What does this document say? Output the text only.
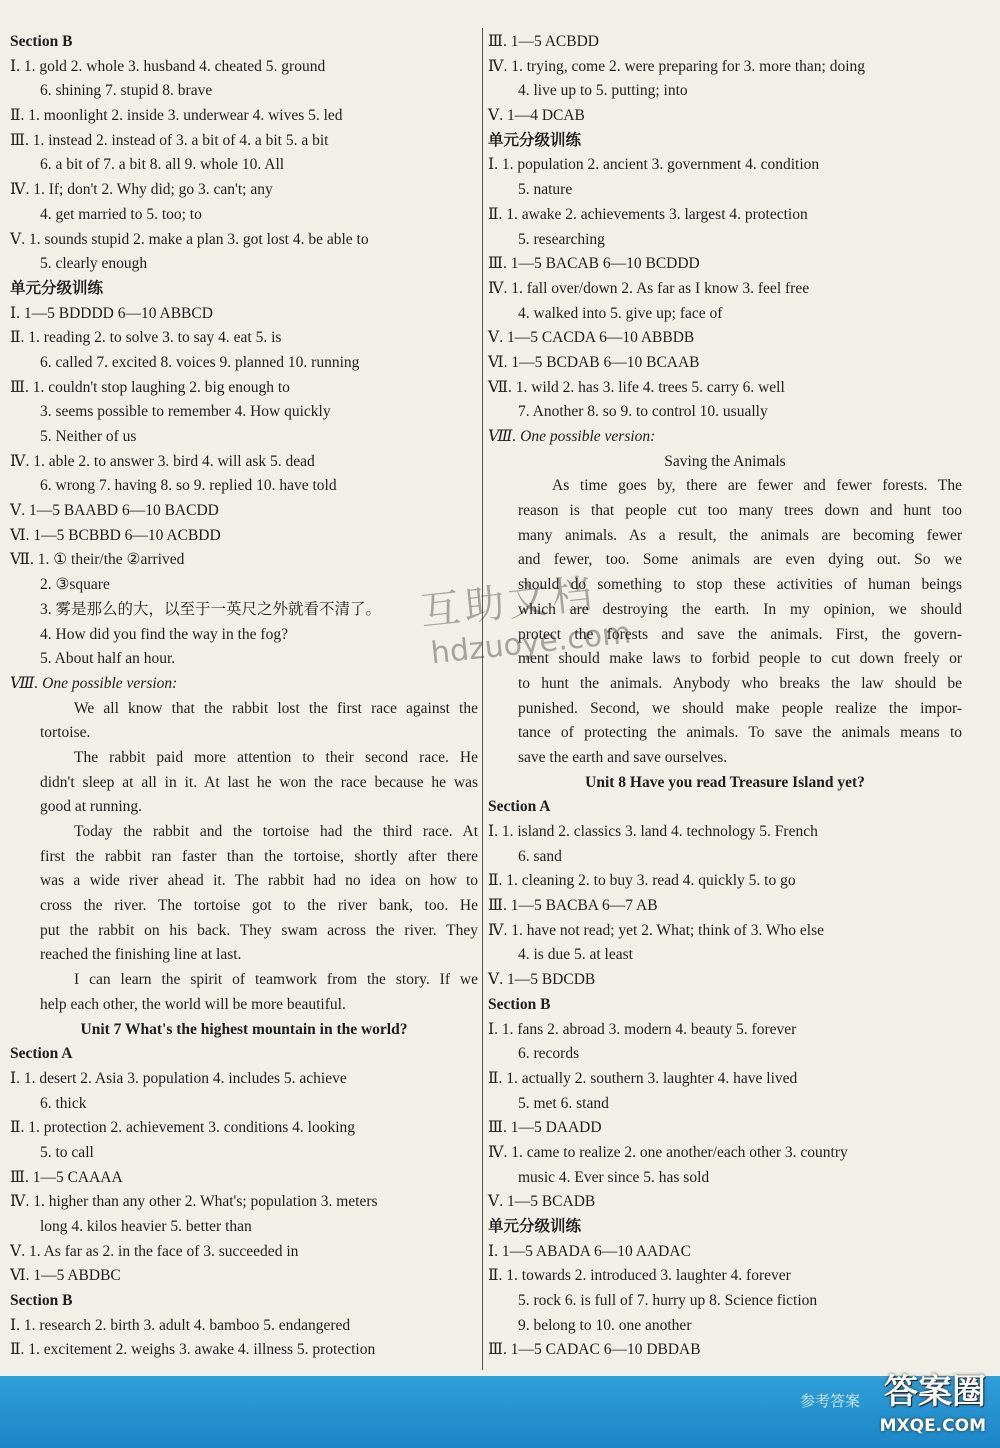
Section B
Ⅰ. 1. gold 2. whole 3. husband 4. cheated 5. ground
6. shining 7. stupid 8. brave
Ⅱ. 1. moonlight 2. inside 3. underwear 4. wives 5. led
Ⅲ. 1. instead 2. instead of 3. a bit of 4. a bit 5. a bit
6. a bit of 7. a bit 8. all 9. whole 10. All
Ⅳ. 1. If; don't 2. Why did; go 3. can't; any
4. get married to 5. too; to
Ⅴ. 1. sounds stupid 2. make a plan 3. got lost 4. be able to
5. clearly enough
单元分级训练
Ⅰ. 1—5 BDDDD 6—10 ABBCD
Ⅱ. 1. reading 2. to solve 3. to say 4. eat 5. is
6. called 7. excited 8. voices 9. planned 10. running
Ⅲ. 1. couldn't stop laughing 2. big enough to
3. seems possible to remember 4. How quickly
5. Neither of us
Ⅳ. 1. able 2. to answer 3. bird 4. will ask 5. dead
6. wrong 7. having 8. so 9. replied 10. have told
Ⅴ. 1—5 BAABD 6—10 BACDD
Ⅵ. 1—5 BCBBD 6—10 ACBDD
Ⅶ. 1. ① their/the ②arrived
2. ③square
3. 雾是那么的大，以至于一英尺之外就看不清了。
4. How did you find the way in the fog?
5. About half an hour.
Ⅷ. One possible version:
We all know that the rabbit lost the first race against the
tortoise.
The rabbit paid more attention to their second race. He
didn't sleep at all in it. At last he won the race because he was
good at running.
Today the rabbit and the tortoise had the third race. At
first the rabbit ran faster than the tortoise, shortly after there
was a wide river ahead it. The rabbit had no idea on how to
cross the river. The tortoise got to the river bank, too. He
put the rabbit on his back. They swam across the river. They
reached the finishing line at last.
I can learn the spirit of teamwork from the story. If we
help each other, the world will be more beautiful.
Unit 7 What's the highest mountain in the world?
Section A
Ⅰ. 1. desert 2. Asia 3. population 4. includes 5. achieve
6. thick
Ⅱ. 1. protection 2. achievement 3. conditions 4. looking
5. to call
Ⅲ. 1—5 CAAAA
Ⅳ. 1. higher than any other 2. What's; population 3. meters
long 4. kilos heavier 5. better than
Ⅴ. 1. As far as 2. in the face of 3. succeeded in
Ⅵ. 1—5 ABDBC
Section B
Ⅰ. 1. research 2. birth 3. adult 4. bamboo 5. endangered
Ⅱ. 1. excitement 2. weighs 3. awake 4. illness 5. protection
Ⅲ. 1—5 ACBDD
Ⅳ. 1. trying, come 2. were preparing for 3. more than; doing
4. live up to 5. putting; into
Ⅴ. 1—4 DCAB
单元分级训练
Ⅰ. 1. population 2. ancient 3. government 4. condition
5. nature
Ⅱ. 1. awake 2. achievements 3. largest 4. protection
5. researching
Ⅲ. 1—5 BACAB 6—10 BCDDD
Ⅳ. 1. fall over/down 2. As far as I know 3. feel free
4. walked into 5. give up; face of
Ⅴ. 1—5 CACDA 6—10 ABBDB
Ⅵ. 1—5 BCDAB 6—10 BCAAB
Ⅶ. 1. wild 2. has 3. life 4. trees 5. carry 6. well
7. Another 8. so 9. to control 10. usually
Ⅷ. One possible version:
Saving the Animals
As time goes by, there are fewer and fewer forests. The
reason is that people cut too many trees down and hunt too
many animals. As a result, the animals are becoming fewer
and fewer, too. Some animals are even dying out. So we
should do something to stop these activities of human beings
which are destroying the earth. In my opinion, we should
protect the forests and save the animals. First, the govern-
ment should make laws to forbid people to cut down freely or
to hunt the animals. Anybody who breaks the law should be
punished. Second, we should make people realize the impor-
tance of protecting the animals. To save the animals means to
save the earth and save ourselves.
Unit 8 Have you read Treasure Island yet?
Section A
Ⅰ. 1. island 2. classics 3. land 4. technology 5. French
6. sand
Ⅱ. 1. cleaning 2. to buy 3. read 4. quickly 5. to go
Ⅲ. 1—5 BACBA 6—7 AB
Ⅳ. 1. have not read; yet 2. What; think of 3. Who else
4. is due 5. at least
Ⅴ. 1—5 BDCDB
Section B
Ⅰ. 1. fans 2. abroad 3. modern 4. beauty 5. forever
6. records
Ⅱ. 1. actually 2. southern 3. laughter 4. have lived
5. met 6. stand
Ⅲ. 1—5 DAADD
Ⅳ. 1. came to realize 2. one another/each other 3. country
music 4. Ever since 5. has sold
Ⅴ. 1—5 BCADB
单元分级训练
Ⅰ. 1—5 ABADA 6—10 AADAC
Ⅱ. 1. towards 2. introduced 3. laughter 4. forever
5. rock 6. is full of 7. hurry up 8. Science fiction
9. belong to 10. one another
Ⅲ. 1—5 CADAC 6—10 DBDAB
互助文档
hdzuoye.com
参考答案 答案圈
MXQE.COM
